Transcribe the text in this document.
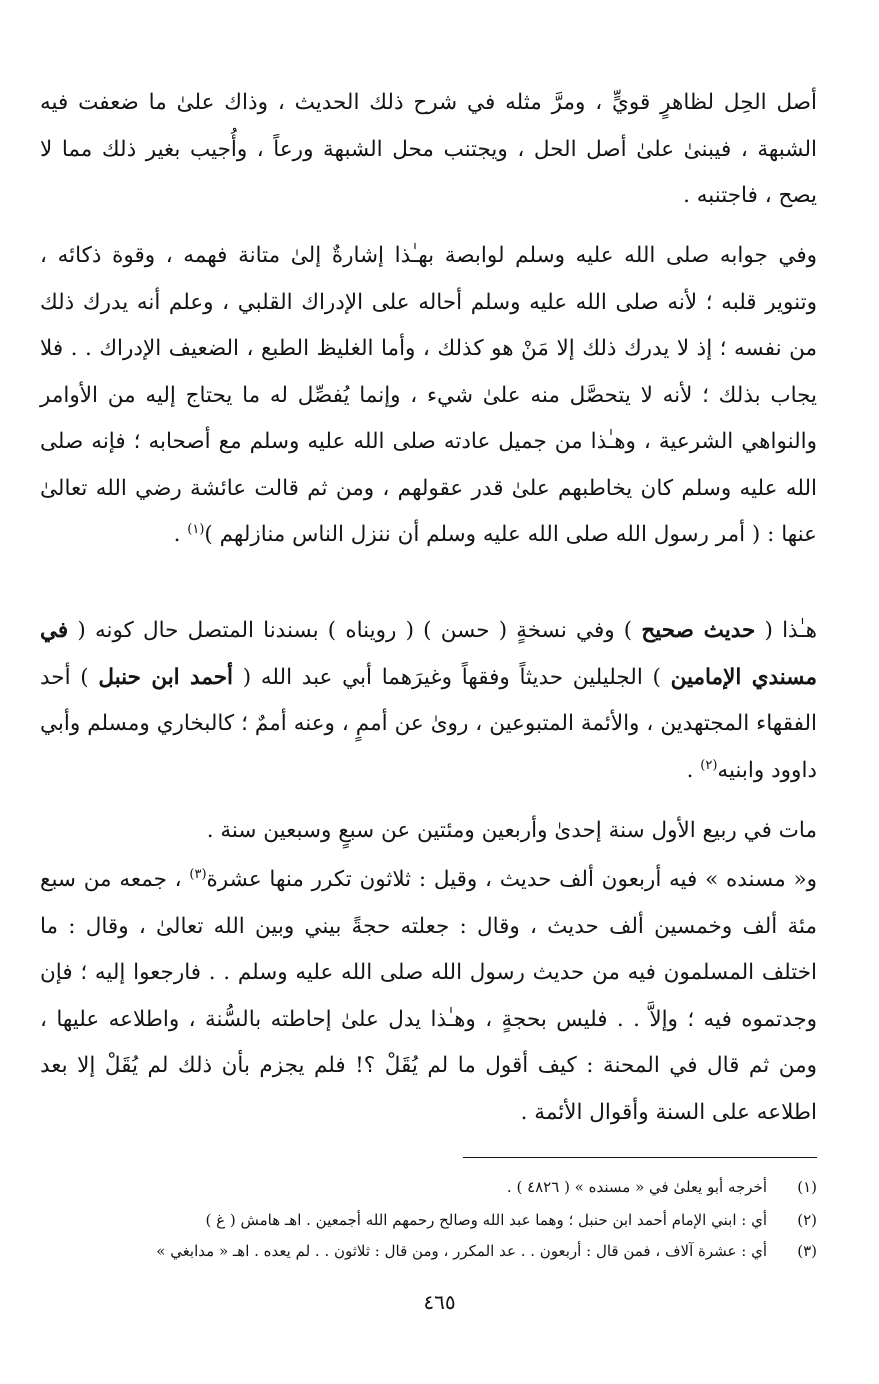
أصل الحِل لظاهرٍ قويٍّ ، ومرَّ مثله في شرح ذلك الحديث ، وذاك علىٰ ما ضعفت فيه الشبهة ، فيبنىٰ علىٰ أصل الحل ، ويجتنب محل الشبهة ورعاً ، وأُجيب بغير ذلك مما لا يصح ، فاجتنبه .
وفي جوابه صلى الله عليه وسلم لوابصة بهـٰذا إشارةٌ إلىٰ متانة فهمه ، وقوة ذكائه ، وتنوير قلبه ؛ لأنه صلى الله عليه وسلم أحاله على الإدراك القلبي ، وعلم أنه يدرك ذلك من نفسه ؛ إذ لا يدرك ذلك إلا مَنْ هو كذلك ، وأما الغليظ الطبع ، الضعيف الإدراك . . فلا يجاب بذلك ؛ لأنه لا يتحصَّل منه علىٰ شيء ، وإنما يُفصِّل له ما يحتاج إليه من الأوامر والنواهي الشرعية ، وهـٰذا من جميل عادته صلى الله عليه وسلم مع أصحابه ؛ فإنه صلى الله عليه وسلم كان يخاطبهم علىٰ قدر عقولهم ، ومن ثم قالت عائشة رضي الله تعالىٰ عنها : ( أمر رسول الله صلى الله عليه وسلم أن ننزل الناس منازلهم )$^{(١)}$ .
هـٰذا ( حديث صحيح ) وفي نسخةٍ ( حسن ) ( رويناه ) بسندنا المتصل حال كونه ( في مسندي الإمامين ) الجليلين حديثاً وفقهاً وغيرَهما أبي عبد الله ( أحمد ابن حنبل ) أحد الفقهاء المجتهدين ، والأئمة المتبوعين ، روىٰ عن أممٍ ، وعنه أممٌ ؛ كالبخاري ومسلم وأبي داوود وابنيه$^{(٢)}$ .
مات في ربيع الأول سنة إحدىٰ وأربعين ومئتين عن سبعٍ وسبعين سنة .
و« مسنده » فيه أربعون ألف حديث ، وقيل : ثلاثون تكرر منها عشرة$^{(٣)}$ ، جمعه من سبع مئة ألف وخمسين ألف حديث ، وقال : جعلته حجةً بيني وبين الله تعالىٰ ، وقال : ما اختلف المسلمون فيه من حديث رسول الله صلى الله عليه وسلم . . فارجعوا إليه ؛ فإن وجدتموه فيه ؛ وإلاَّ . . فليس بحجةٍ ، وهـٰذا يدل علىٰ إحاطته بالسُّنة ، واطلاعه عليها ، ومن ثم قال في المحنة : كيف أقول ما لم يُقَلْ ؟! فلم يجزم بأن ذلك لم يُقَلْ إلا بعد اطلاعه على السنة وأقوال الأئمة .
(١)أخرجه أبو يعلىٰ في « مسنده » ( ٤٨٢٦ ) .
(٢)أي : ابني الإمام أحمد ابن حنبل ؛ وهما عبد الله وصالح رحمهم الله أجمعين . اهـ هامش ( غ )
(٣)أي : عشرة آلاف ، فمن قال : أربعون . . عد المكرر ، ومن قال : ثلاثون . . لم يعده . اهـ « مدابغي »
٤٦٥
